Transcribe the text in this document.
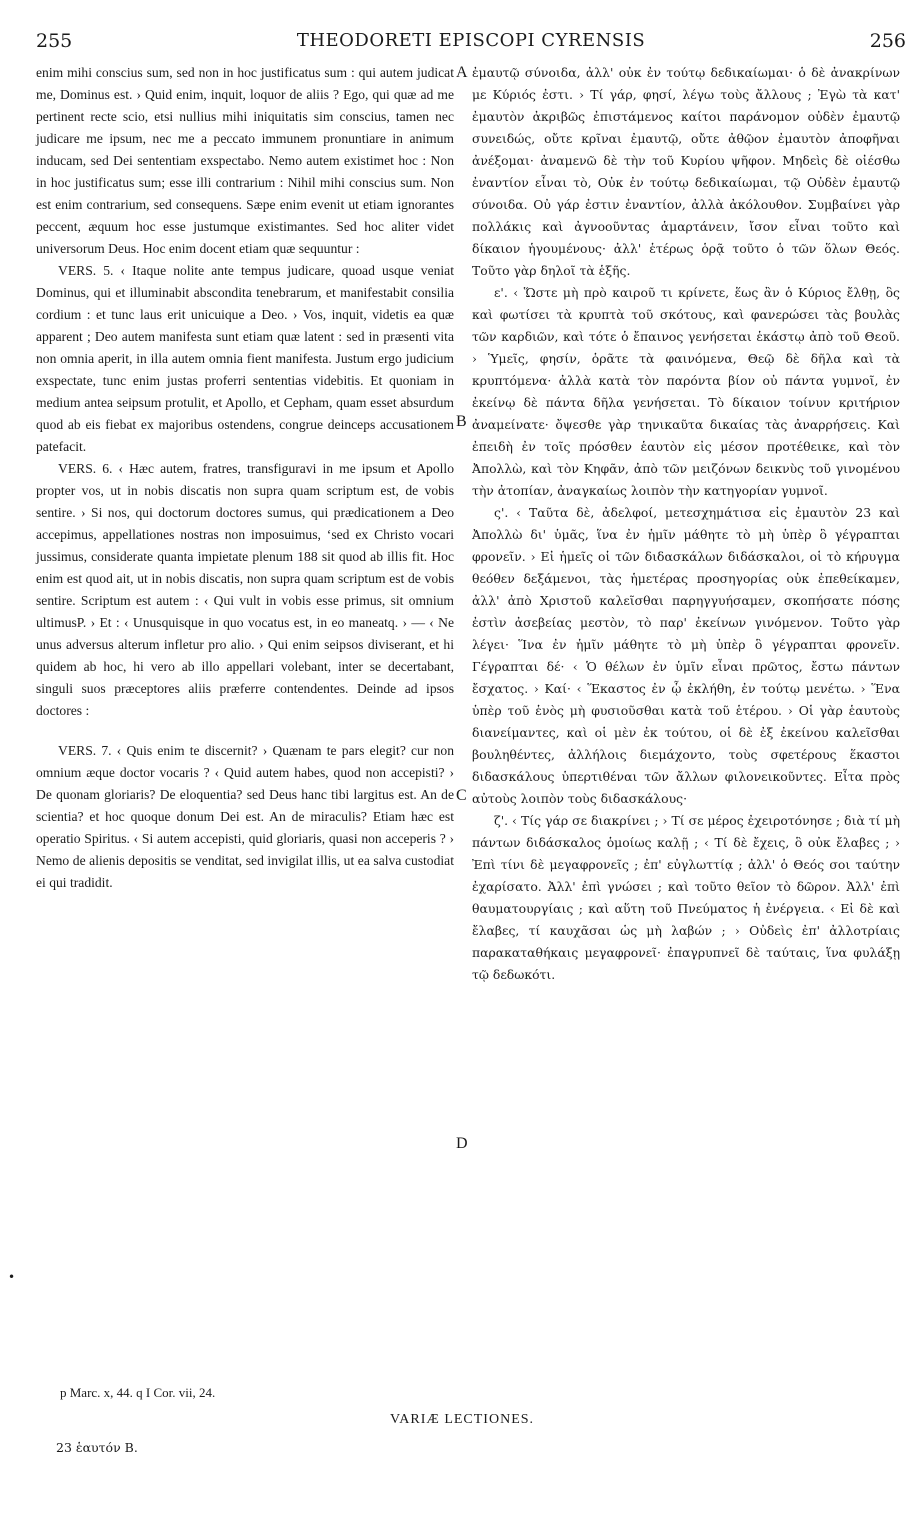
255	THEODORETI EPISCOPI CYRENSIS	256

enim mihi conscius sum, sed non in hoc justificatus sum : qui autem judicat me, Dominus est. › Quid enim, inquit, loquor de aliis ? Ego, qui quæ ad me pertinent recte scio, etsi nullius mihi iniquitatis sim conscius, tamen nec judicare me ipsum, nec me a peccato immunem pronuntiare in animum inducam, sed Dei sententiam exspectabo. Nemo autem existimet hoc : Non in hoc justificatus sum; esse illi contrarium : Nihil mihi conscius sum. Non est enim contrarium, sed consequens. Sæpe enim evenit ut etiam ignorantes peccent, æquum hoc esse justumque existimantes. Sed hoc aliter videt universorum Deus. Hoc enim docent etiam quæ sequuntur :

VERS. 5. ‹ Itaque nolite ante tempus judicare, quoad usque veniat Dominus, qui et illuminabit abscondita tenebrarum, et manifestabit consilia cordium : et tunc laus erit unicuique a Deo. › Vos, inquit, videtis ea quæ apparent ; Deo autem manifesta sunt etiam quæ latent : sed in præsenti vita non omnia aperit, in illa autem omnia fient manifesta. Justum ergo judicium exspectate, tunc enim justas proferri sententias videbitis. Et quoniam in medium antea seipsum protulit, et Apollo, et Cepham, quam esset absurdum quod ab eis fiebat ex majoribus ostendens, congrue deinceps accusationem patefacit.

VERS. 6. ‹ Hæc autem, fratres, transfiguravi in me ipsum et Apollo propter vos, ut in nobis discatis non supra quam scriptum est, de vobis sentire. › Si nos, qui doctorum doctores sumus, qui prædicationem a Deo accepimus, appellationes nostras non imposuimus, ‘sed ex Christo vocari jussimus, considerate quanta impietate plenum 188 sit quod ab illis fit. Hoc enim est quod ait, ut in nobis discatis, non supra quam scriptum est de vobis sentire. Scriptum est autem : ‹ Qui vult in vobis esse primus, sit omnium ultimusP. › Et : ‹ Unusquisque in quo vocatus est, in eo maneatq. › — ‹ Ne unus adversus alterum infletur pro alio. › Qui enim seipsos diviserant, et hi quidem ab hoc, hi vero ab illo appellari volebant, inter se decertabant, singuli suos præceptores aliis præferre contendentes. Deinde ad ipsos doctores :

VERS. 7. ‹ Quis enim te discernit? › Quænam te pars elegit? cur non omnium æque doctor vocaris ? ‹ Quid autem habes, quod non accepisti? › De quonam gloriaris? De eloquentia? sed Deus hanc tibi largitus est. An de scientia? et hoc quoque donum Dei est. An de miraculis? Etiam hæc est operatio Spiritus. ‹ Si autem accepisti, quid gloriaris, quasi non acceperis ? › Nemo de alienis depositis se venditat, sed invigilat illis, ut ea salva custodiat ei qui tradidit.

A
B
C
D

ἐμαυτῷ σύνοιδα, ἀλλ' οὐκ ἐν τούτῳ δεδικαίωμαι· ὁ δὲ ἀνακρίνων με Κύριός ἐστι. › Τί γάρ, φησί, λέγω τοὺς ἄλλους ; Ἐγὼ τὰ κατ' ἐμαυτὸν ἀκριβῶς ἐπιστάμενος καίτοι παράνομον οὐδὲν ἐμαυτῷ συνειδώς, οὔτε κρῖναι ἐμαυτῷ, οὔτε ἀθῷον ἐμαυτὸν ἀποφῆναι ἀνέξομαι· ἀναμενῶ δὲ τὴν τοῦ Κυρίου ψῆφον. Μηδεὶς δὲ οἰέσθω ἐναντίον εἶναι τὸ, Οὐκ ἐν τούτῳ δεδικαίωμαι, τῷ Οὐδὲν ἐμαυτῷ σύνοιδα. Οὐ γάρ ἐστιν ἐναντίον, ἀλλὰ ἀκόλουθον. Συμβαίνει γὰρ πολλάκις καὶ ἀγνοοῦντας ἁμαρτάνειν, ἴσον εἶναι τοῦτο καὶ δίκαιον ἡγουμένους· ἀλλ' ἑτέρως ὁρᾷ τοῦτο ὁ τῶν ὅλων Θεός. Τοῦτο γὰρ δηλοῖ τὰ ἑξῆς.

ε'. ‹ Ὥστε μὴ πρὸ καιροῦ τι κρίνετε, ἕως ἂν ὁ Κύριος ἔλθῃ, ὃς καὶ φωτίσει τὰ κρυπτὰ τοῦ σκότους, καὶ φανερώσει τὰς βουλὰς τῶν καρδιῶν, καὶ τότε ὁ ἔπαινος γενήσεται ἑκάστῳ ἀπὸ τοῦ Θεοῦ. › Ὑμεῖς, φησίν, ὁρᾶτε τὰ φαινόμενα, Θεῷ δὲ δῆλα καὶ τὰ κρυπτόμενα· ἀλλὰ κατὰ τὸν παρόντα βίον οὐ πάντα γυμνοῖ, ἐν ἐκείνῳ δὲ πάντα δῆλα γενήσεται. Τὸ δίκαιον τοίνυν κριτήριον ἀναμείνατε· ὄψεσθε γὰρ τηνικαῦτα δικαίας τὰς ἀναρρήσεις. Καὶ ἐπειδὴ ἐν τοῖς πρόσθεν ἑαυτὸν εἰς μέσον προτέθεικε, καὶ τὸν Ἀπολλὼ, καὶ τὸν Κηφᾶν, ἀπὸ τῶν μειζόνων δεικνὺς τοῦ γινομένου τὴν ἀτοπίαν, ἀναγκαίως λοιπὸν τὴν κατηγορίαν γυμνοῖ.

ς'. ‹ Ταῦτα δὲ, ἀδελφοί, μετεσχημάτισα εἰς ἐμαυτὸν 23 καὶ Ἀπολλὼ δι' ὑμᾶς, ἵνα ἐν ἡμῖν μάθητε τὸ μὴ ὑπὲρ ὃ γέγραπται φρονεῖν. › Εἰ ἡμεῖς οἱ τῶν διδασκάλων διδάσκαλοι, οἱ τὸ κήρυγμα θεόθεν δεξάμενοι, τὰς ἡμετέρας προσηγορίας οὐκ ἐπεθείκαμεν, ἀλλ' ἀπὸ Χριστοῦ καλεῖσθαι παρηγγυήσαμεν, σκοπήσατε πόσης ἐστὶν ἀσεβείας μεστὸν, τὸ παρ' ἐκείνων γινόμενον. Τοῦτο γὰρ λέγει· Ἵνα ἐν ἡμῖν μάθητε τὸ μὴ ὑπὲρ ὃ γέγραπται φρονεῖν. Γέγραπται δέ· ‹ Ὁ θέλων ἐν ὑμῖν εἶναι πρῶτος, ἔστω πάντων ἔσχατος. › Καί· ‹ Ἕκαστος ἐν ᾧ ἐκλήθη, ἐν τούτῳ μενέτω. › Ἕνα ὑπὲρ τοῦ ἑνὸς μὴ φυσιοῦσθαι κατὰ τοῦ ἑτέρου. › Οἱ γὰρ ἑαυτοὺς διανείμαντες, καὶ οἱ μὲν ἐκ τούτου, οἱ δὲ ἐξ ἐκείνου καλεῖσθαι βουληθέντες, ἀλλήλοις διεμάχοντο, τοὺς σφετέρους ἕκαστοι διδασκάλους ὑπερτιθέναι τῶν ἄλλων φιλονεικοῦντες. Εἶτα πρὸς αὐτοὺς λοιπὸν τοὺς διδασκάλους·

ζ'. ‹ Τίς γάρ σε διακρίνει ; › Τί σε μέρος ἐχειροτόνησε ; διὰ τί μὴ πάντων διδάσκαλος ὁμοίως καλῇ ; ‹ Τί δὲ ἔχεις, ὃ οὐκ ἔλαβες ; › Ἐπὶ τίνι δὲ μεγαφρονεῖς ; ἐπ' εὐγλωττίᾳ ; ἀλλ' ὁ Θεός σοι ταύτην ἐχαρίσατο. Ἀλλ' ἐπὶ γνώσει ; καὶ τοῦτο θεῖον τὸ δῶρον. Ἀλλ' ἐπὶ θαυματουργίαις ; καὶ αὕτη τοῦ Πνεύματος ἡ ἐνέργεια. ‹ Εἰ δὲ καὶ ἔλαβες, τί καυχᾶσαι ὡς μὴ λαβών ; › Οὐδεὶς ἐπ' ἀλλοτρίαις παρακαταθήκαις μεγαφρονεῖ· ἐπαγρυπνεῖ δὲ ταύταις, ἵνα φυλάξῃ τῷ δεδωκότι.

•
p Marc. x, 44. q I Cor. vii, 24.
VARIÆ LECTIONES.
23 ἑαυτόν B.
